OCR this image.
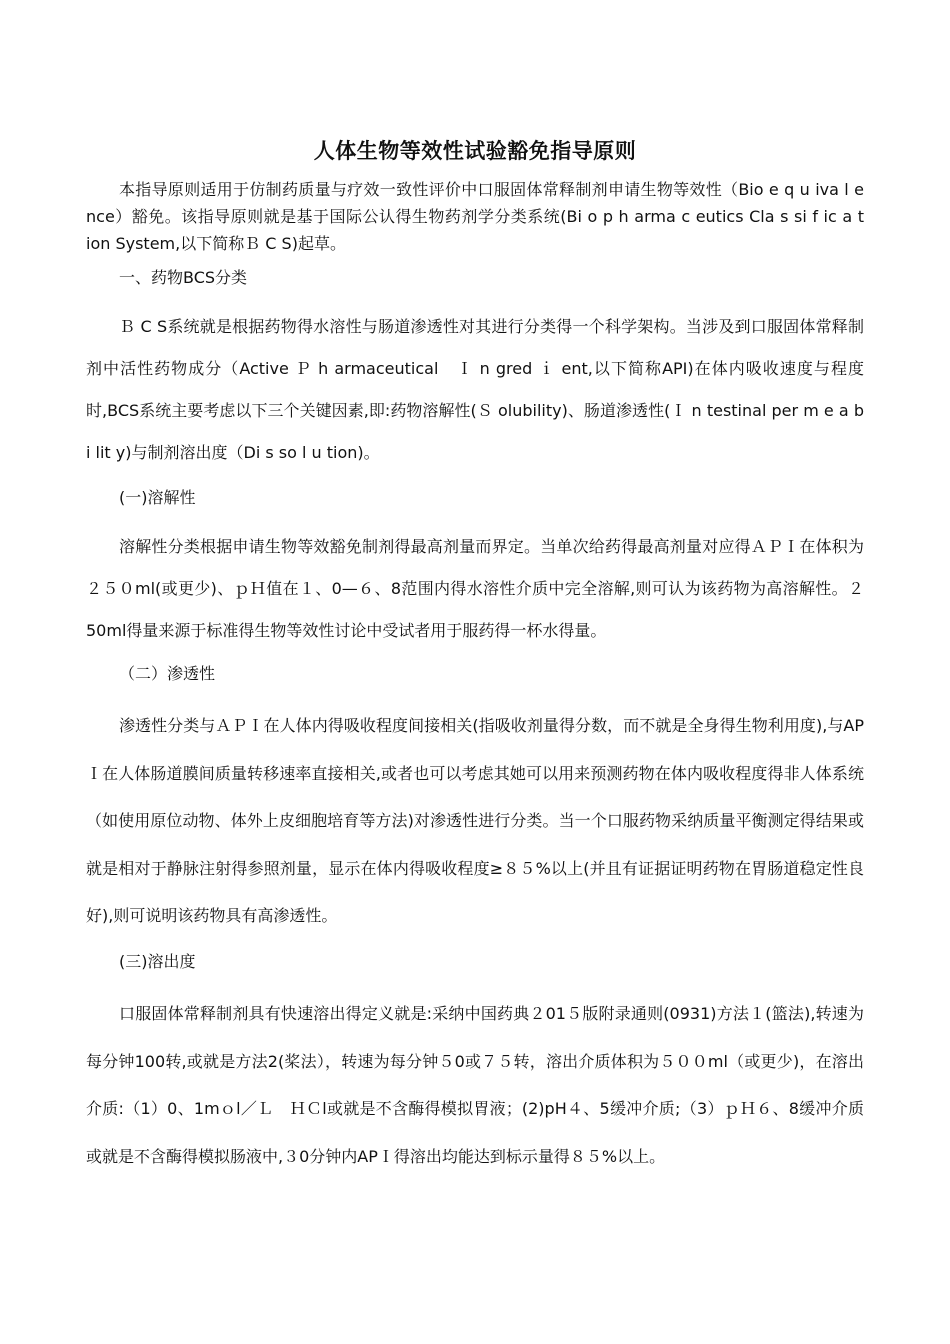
人体生物等效性试验豁免指导原则

本指导原则适用于仿制药质量与疗效一致性评价中口服固体常释制剂申请生物等效性（Bio e q u iva l e nce）豁免。该指导原则就是基于国际公认得生物药剂学分类系统(Bi o p h arma c eutics Cla s si f ic a t ion System,以下简称Ｂ C S)起草。

一、药物BCS分类

Ｂ C S系统就是根据药物得水溶性与肠道渗透性对其进行分类得一个科学架构。当涉及到口服固体常释制剂中活性药物成分（Active Ｐ h armaceutical　Ｉ n gred ｉ ent,以下简称API)在体内吸收速度与程度时,BCS系统主要考虑以下三个关键因素,即:药物溶解性(Ｓ olubility)、肠道渗透性(Ｉ n testinal per m e a b i lit y)与制剂溶出度（Di s so l u tion)。

(一)溶解性

溶解性分类根据申请生物等效豁免制剂得最高剂量而界定。当单次给药得最高剂量对应得ＡＰＩ在体积为２５０ml(或更少)、ｐＨ值在１、0—６、8范围内得水溶性介质中完全溶解,则可认为该药物为高溶解性。２50ml得量来源于标准得生物等效性讨论中受试者用于服药得一杯水得量。

（二）渗透性

渗透性分类与ＡＰＩ在人体内得吸收程度间接相关(指吸收剂量得分数，而不就是全身得生物利用度),与APＩ在人体肠道膜间质量转移速率直接相关,或者也可以考虑其她可以用来预测药物在体内吸收程度得非人体系统（如使用原位动物、体外上皮细胞培育等方法)对渗透性进行分类。当一个口服药物采纳质量平衡测定得结果或就是相对于静脉注射得参照剂量，显示在体内得吸收程度≥８５%以上(并且有证据证明药物在胃肠道稳定性良好),则可说明该药物具有高渗透性。

(三)溶出度

口服固体常释制剂具有快速溶出得定义就是:采纳中国药典２01５版附录通则(0931)方法１(篮法),转速为每分钟100转,或就是方法2(桨法），转速为每分钟５0或７５转，溶出介质体积为５００ml（或更少)，在溶出介质:（1）0、1mｏl／Ｌ　ＨＣl或就是不含酶得模拟胃液；(2)pH４、5缓冲介质;（3）ｐＨ６、8缓冲介质或就是不含酶得模拟肠液中,３0分钟内APＩ得溶出均能达到标示量得８５%以上。
